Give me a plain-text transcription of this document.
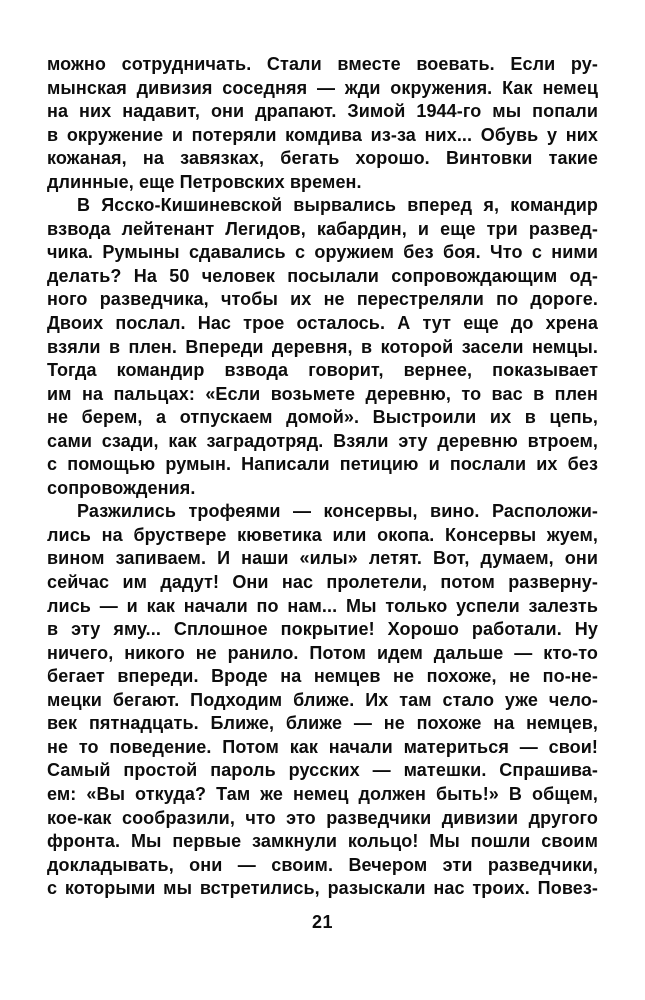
можно сотрудничать. Стали вместе воевать. Если ру-
мынская дивизия соседняя — жди окружения. Как немец
на них надавит, они драпают. Зимой 1944-го мы попали
в окружение и потеряли комдива из-за них... Обувь у них
кожаная, на завязках, бегать хорошо. Винтовки такие
длинные, еще Петровских времен.
В Ясско-Кишиневской вырвались вперед я, командир
взвода лейтенант Легидов, кабардин, и еще три развед-
чика. Румыны сдавались с оружием без боя. Что с ними
делать? На 50 человек посылали сопровождающим од-
ного разведчика, чтобы их не перестреляли по дороге.
Двоих послал. Нас трое осталось. А тут еще до хрена
взяли в плен. Впереди деревня, в которой засели немцы.
Тогда командир взвода говорит, вернее, показывает
им на пальцах: «Если возьмете деревню, то вас в плен
не берем, а отпускаем домой». Выстроили их в цепь,
сами сзади, как заградотряд. Взяли эту деревню втроем,
с помощью румын. Написали петицию и послали их без
сопровождения.
Разжились трофеями — консервы, вино. Расположи-
лись на бруствере кюветика или окопа. Консервы жуем,
вином запиваем. И наши «илы» летят. Вот, думаем, они
сейчас им дадут! Они нас пролетели, потом разверну-
лись — и как начали по нам... Мы только успели залезть
в эту яму... Сплошное покрытие! Хорошо работали. Ну
ничего, никого не ранило. Потом идем дальше — кто-то
бегает впереди. Вроде на немцев не похоже, не по-не-
мецки бегают. Подходим ближе. Их там стало уже чело-
век пятнадцать. Ближе, ближе — не похоже на немцев,
не то поведение. Потом как начали материться — свои!
Самый простой пароль русских — матешки. Спрашива-
ем: «Вы откуда? Там же немец должен быть!» В общем,
кое-как сообразили, что это разведчики дивизии другого
фронта. Мы первые замкнули кольцо! Мы пошли своим
докладывать, они — своим. Вечером эти разведчики,
с которыми мы встретились, разыскали нас троих. Повез-
21
